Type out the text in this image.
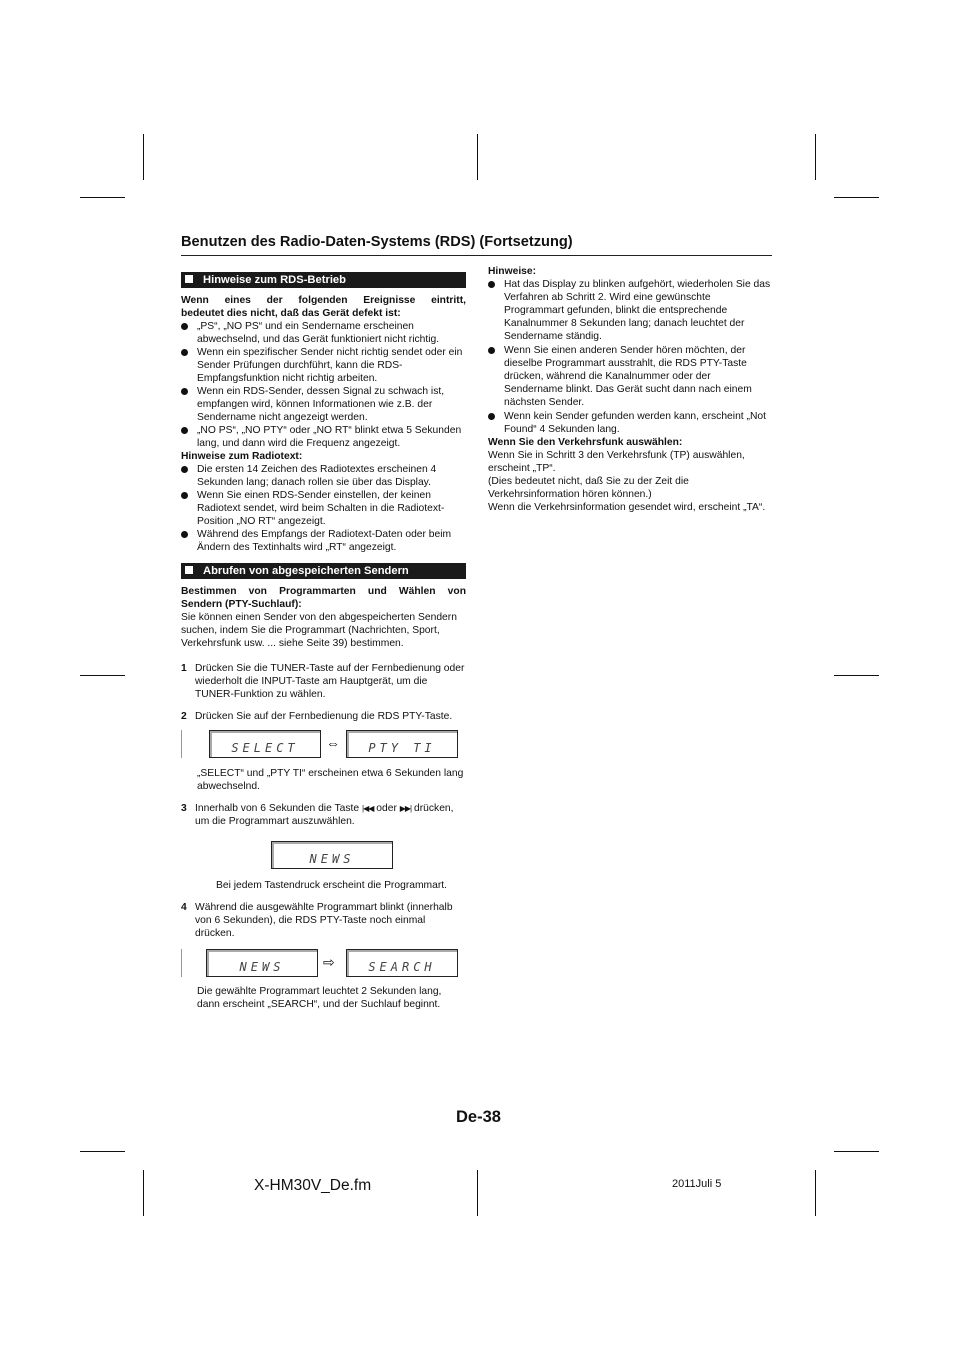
Benutzen des Radio-Daten-Systems (RDS) (Fortsetzung)
Hinweise zum RDS-Betrieb

Wenn eines der folgenden Ereignisse eintritt,

bedeutet dies nicht, daß das Gerät defekt ist:

„PS“, „NO PS“ und ein Sendername erscheinen abwechselnd, und das Gerät funktioniert nicht richtig.
Wenn ein spezifischer Sender nicht richtig sendet oder ein Sender Prüfungen durchführt, kann die RDS-Empfangsfunktion nicht richtig arbeiten.
Wenn ein RDS-Sender, dessen Signal zu schwach ist, empfangen wird, können Informationen wie z.B. der Sendername nicht angezeigt werden.
„NO PS“, „NO PTY“ oder „NO RT“ blinkt etwa 5 Sekunden lang, und dann wird die Frequenz angezeigt.

Hinweise zum Radiotext:

Die ersten 14 Zeichen des Radiotextes erscheinen 4 Sekunden lang; danach rollen sie über das Display.
Wenn Sie einen RDS-Sender einstellen, der keinen Radiotext sendet, wird beim Schalten in die Radiotext-Position „NO RT“ angezeigt.
Während des Empfangs der Radiotext-Daten oder beim Ändern des Textinhalts wird „RT“ angezeigt.
Abrufen von abgespeicherten Sendern

Bestimmen von Programmarten und Wählen von

Sendern (PTY-Suchlauf):

Sie können einen Sender von den abgespeicherten Sendern suchen, indem Sie die Programmart (Nachrichten, Sport, Verkehrsfunk usw. ... siehe Seite 39) bestimmen.

1 Drücken Sie die TUNER-Taste auf der Fernbedienung oder wiederholt die INPUT-Taste am Hauptgerät, um die TUNER-Funktion zu wählen.
2 Drücken Sie auf der Fernbedienung die RDS PTY-Taste.
SELECT	⇔	PTY TI

„SELECT“ und „PTY TI“ erscheinen etwa 6 Sekunden lang abwechselnd.

3 Innerhalb von 6 Sekunden die Taste |◀◀ oder ▶▶| drücken, um die Programmart auszuwählen.
NEWS

Bei jedem Tastendruck erscheint die Programmart.

4 Während die ausgewählte Programmart blinkt (innerhalb von 6 Sekunden), die RDS PTY-Taste noch einmal drücken.
NEWS	⇨	SEARCH

Die gewählte Programmart leuchtet 2 Sekunden lang, dann erscheint „SEARCH“, und der Suchlauf beginnt.

Hinweise:

Hat das Display zu blinken aufgehört, wiederholen Sie das Verfahren ab Schritt 2. Wird eine gewünschte Programmart gefunden, blinkt die entsprechende Kanalnummer 8 Sekunden lang; danach leuchtet der Sendername ständig.
Wenn Sie einen anderen Sender hören möchten, der dieselbe Programmart ausstrahlt, die RDS PTY-Taste drücken, während die Kanalnummer oder der Sendername blinkt. Das Gerät sucht dann nach einem nächsten Sender.
Wenn kein Sender gefunden werden kann, erscheint „Not Found“ 4 Sekunden lang.

Wenn Sie den Verkehrsfunk auswählen:

Wenn Sie in Schritt 3 den Verkehrsfunk (TP) auswählen, erscheint „TP“.

(Dies bedeutet nicht, daß Sie zu der Zeit die Verkehrsinformation hören können.)

Wenn die Verkehrsinformation gesendet wird, erscheint „TA“.

De-38
X-HM30V_De.fm	2011Juli 5
